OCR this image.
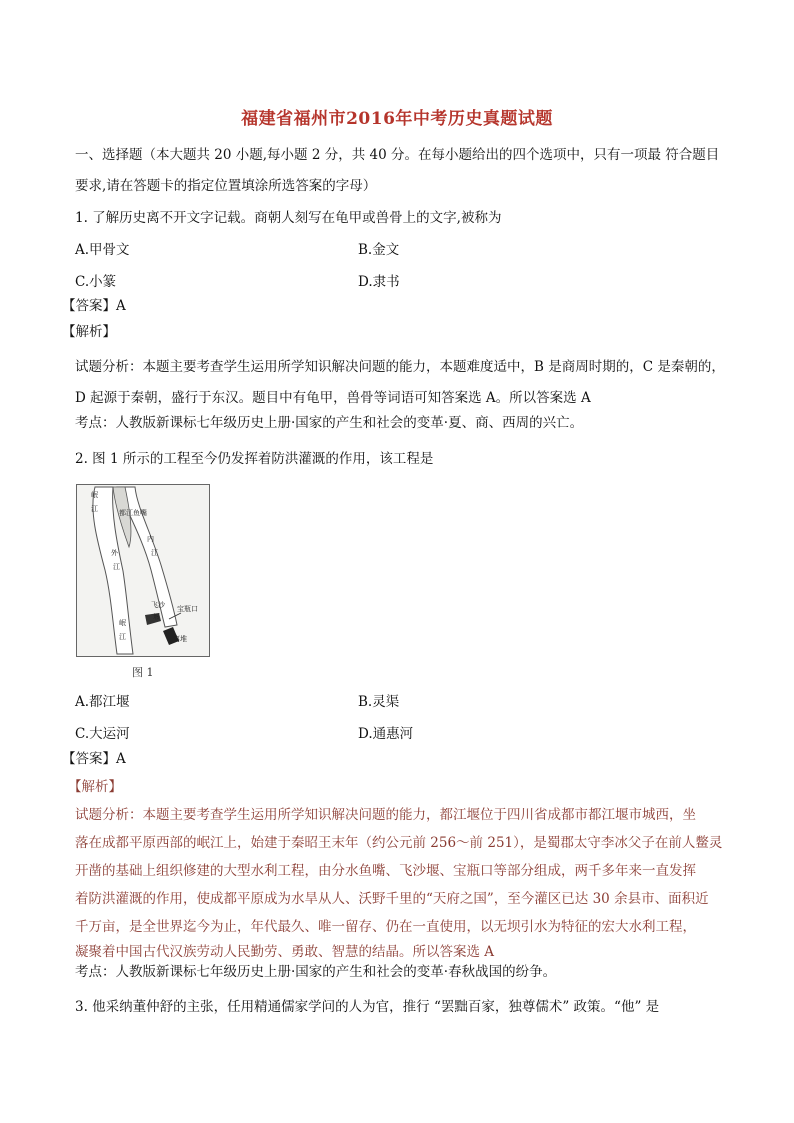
福建省福州市2016年中考历史真题试题
一、选择题（本大题共 20 小题,每小题 2 分，共 40 分。在每小题给出的四个选项中，只有一项最 符合题目
要求,请在答题卡的指定位置填涂所选答案的字母）
1. 了解历史离不开文字记载。商朝人刻写在龟甲或兽骨上的文字,被称为
A.甲骨文	B.金文
C.小篆	D.隶书
【答案】A
【解析】
试题分析：本题主要考查学生运用所学知识解决问题的能力，本题难度适中，B 是商周时期的，C 是秦朝的，
D 起源于秦朝，盛行于东汉。题目中有龟甲，兽骨等词语可知答案选 A。所以答案选 A
考点：人教版新课标七年级历史上册·国家的产生和社会的变革·夏、商、西周的兴亡。
2. 图 1 所示的工程至今仍发挥着防洪灌溉的作用，该工程是
岷
江	都江鱼嘴
内
江
外
江
飞沙
堰
宝瓶口
离堆
岷
江
图 1
A.都江堰	B.灵渠
C.大运河	D.通惠河
【答案】A
【解析】
试题分析：本题主要考查学生运用所学知识解决问题的能力，都江堰位于四川省成都市都江堰市城西，坐
落在成都平原西部的岷江上，始建于秦昭王末年（约公元前 256～前 251），是蜀郡太守李冰父子在前人鳖灵
开凿的基础上组织修建的大型水利工程，由分水鱼嘴、飞沙堰、宝瓶口等部分组成，两千多年来一直发挥
着防洪灌溉的作用，使成都平原成为水旱从人、沃野千里的“天府之国”，至今灌区已达 30 余县市、面积近
千万亩，是全世界迄今为止，年代最久、唯一留存、仍在一直使用，以无坝引水为特征的宏大水利工程，
凝聚着中国古代汉族劳动人民勤劳、勇敢、智慧的结晶。所以答案选 A
考点：人教版新课标七年级历史上册·国家的产生和社会的变革·春秋战国的纷争。
3. 他采纳董仲舒的主张，任用精通儒家学问的人为官，推行 “罢黜百家，独尊儒术” 政策。“他” 是
